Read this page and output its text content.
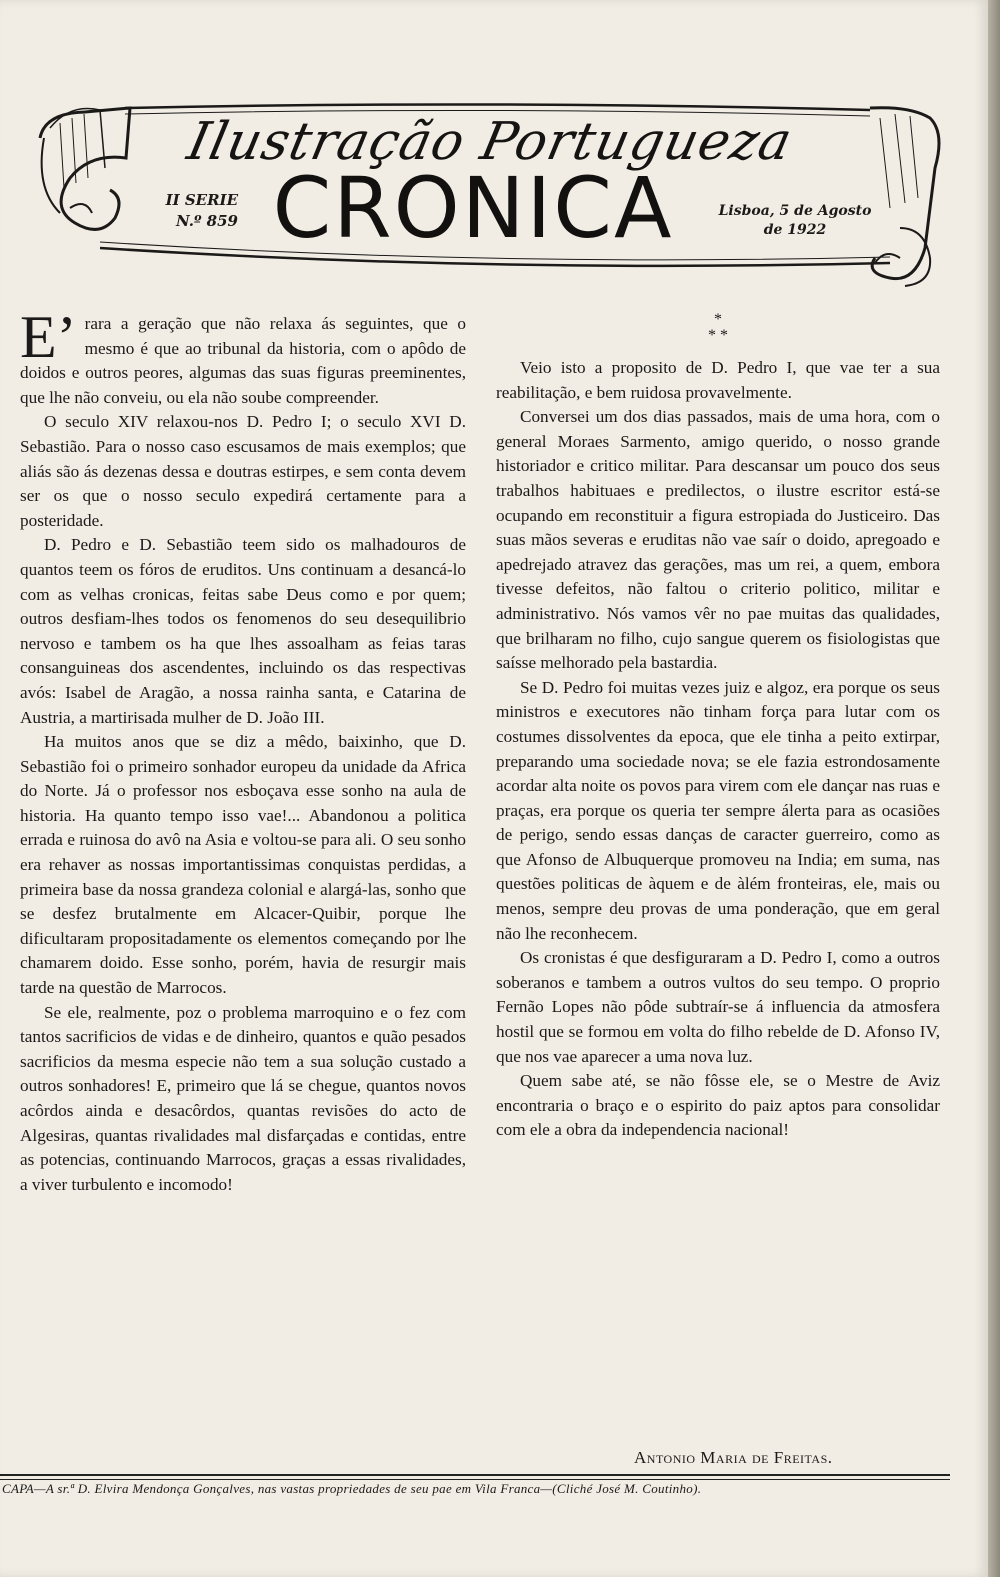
Ilustração Portugueza
CRONICA
II SERIE
N.º 859
Lisboa, 5 de Agosto
de 1922

E’ rara a geração que não relaxa ás seguintes, que o mesmo é que ao tribunal da historia, com o apôdo de doidos e outros peores, algumas das suas figuras preeminentes, que lhe não conveiu, ou ela não soube compreender.

O seculo XIV relaxou-nos D. Pedro I; o seculo XVI D. Sebastião. Para o nosso caso escusamos de mais exemplos; que aliás são ás dezenas dessa e doutras estirpes, e sem conta devem ser os que o nosso seculo expedirá certamente para a posteridade.

D. Pedro e D. Sebastião teem sido os malhadouros de quantos teem os fóros de eruditos. Uns continuam a desancá-lo com as velhas cronicas, feitas sabe Deus como e por quem; outros desfiam-lhes todos os fenomenos do seu desequilibrio nervoso e tambem os ha que lhes assoalham as feias taras consanguineas dos ascendentes, incluindo os das respectivas avós: Isabel de Aragão, a nossa rainha santa, e Catarina de Austria, a martirisada mulher de D. João III.

Ha muitos anos que se diz a mêdo, baixinho, que D. Sebastião foi o primeiro sonhador europeu da unidade da Africa do Norte. Já o professor nos esboçava esse sonho na aula de historia. Ha quanto tempo isso vae!... Abandonou a politica errada e ruinosa do avô na Asia e voltou-se para ali. O seu sonho era rehaver as nossas importantissimas conquistas perdidas, a primeira base da nossa grandeza colonial e alargá-las, sonho que se desfez brutalmente em Alcacer-Quibir, porque lhe dificultaram propositadamente os elementos começando por lhe chamarem doido. Esse sonho, porém, havia de resurgir mais tarde na questão de Marrocos.

Se ele, realmente, poz o problema marroquino e o fez com tantos sacrificios de vidas e de dinheiro, quantos e quão pesados sacrificios da mesma especie não tem a sua solução custado a outros sonhadores! E, primeiro que lá se chegue, quantos novos acôrdos ainda e desacôrdos, quantas revisões do acto de Algesiras, quantas rivalidades mal disfarçadas e contidas, entre as potencias, continuando Marrocos, graças a essas rivalidades, a viver turbulento e incomodo!

*
* *

Veio isto a proposito de D. Pedro I, que vae ter a sua reabilitação, e bem ruidosa provavelmente.

Conversei um dos dias passados, mais de uma hora, com o general Moraes Sarmento, amigo querido, o nosso grande historiador e critico militar. Para descansar um pouco dos seus trabalhos habituaes e predilectos, o ilustre escritor está-se ocupando em reconstituir a figura estropiada do Justiceiro. Das suas mãos severas e eruditas não vae saír o doido, apregoado e apedrejado atravez das gerações, mas um rei, a quem, embora tivesse defeitos, não faltou o criterio politico, militar e administrativo. Nós vamos vêr no pae muitas das qualidades, que brilharam no filho, cujo sangue querem os fisiologistas que saísse melhorado pela bastardia.

Se D. Pedro foi muitas vezes juiz e algoz, era porque os seus ministros e executores não tinham força para lutar com os costumes dissolventes da epoca, que ele tinha a peito extirpar, preparando uma sociedade nova; se ele fazia estrondosamente acordar alta noite os povos para virem com ele dançar nas ruas e praças, era porque os queria ter sempre álerta para as ocasiões de perigo, sendo essas danças de caracter guerreiro, como as que Afonso de Albuquerque promoveu na India; em suma, nas questões politicas de àquem e de àlém fronteiras, ele, mais ou menos, sempre deu provas de uma ponderação, que em geral não lhe reconhecem.

Os cronistas é que desfiguraram a D. Pedro I, como a outros soberanos e tambem a outros vultos do seu tempo. O proprio Fernão Lopes não pôde subtraír-se á influencia da atmosfera hostil que se formou em volta do filho rebelde de D. Afonso IV, que nos vae aparecer a uma nova luz.

Quem sabe até, se não fôsse ele, se o Mestre de Aviz encontraria o braço e o espirito do paiz aptos para consolidar com ele a obra da independencia nacional!

Antonio Maria de Freitas.
CAPA—A sr.ª D. Elvira Mendonça Gonçalves, nas vastas propriedades de seu pae em Vila Franca—(Cliché José M. Coutinho).
